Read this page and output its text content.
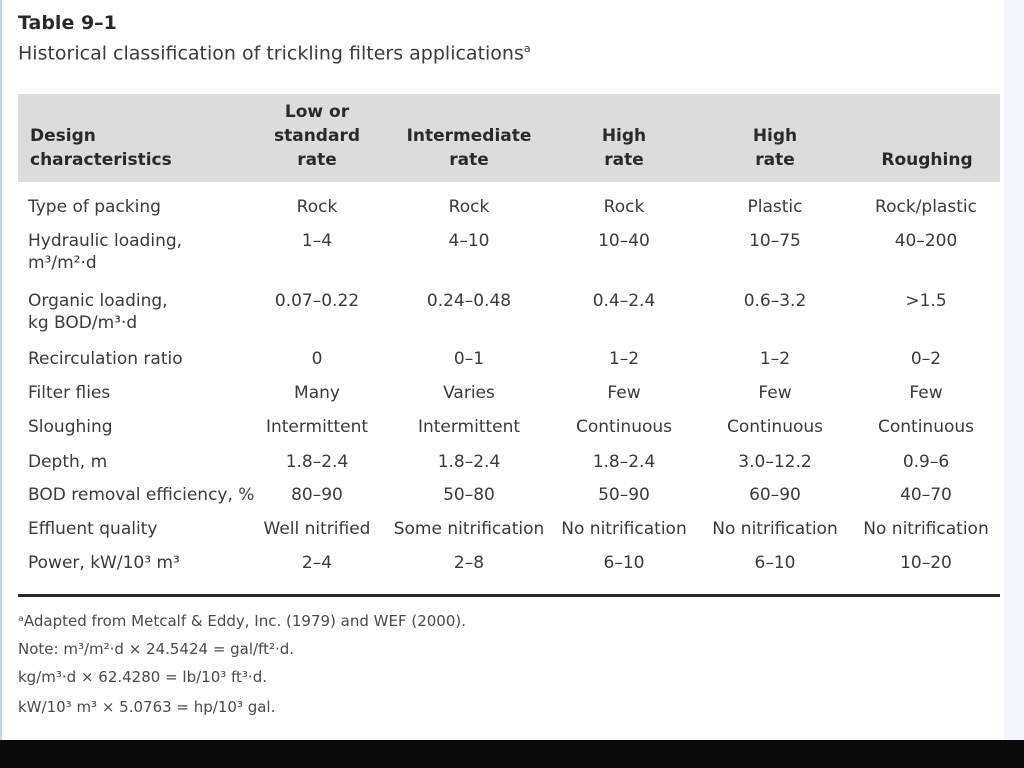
Table 9–1
Historical classification of trickling filters applications$^a$
Design
characteristics
Low or
standard
rate
Intermediate
rate
High
rate
High
rate	Roughing
Type of packing
Hydraulic loading,
m³/m²·d
Organic loading,
kg BOD/m³·d
Recirculation ratio
Filter flies
Sloughing
Depth, m
BOD removal efficiency, %
Effluent quality
Power, kW/10³ m³
Rock
1–4
0.07–0.22
0
Many
Intermittent
1.8–2.4
80–90
Well nitrified
2–4
Rock
4–10
0.24–0.48
0–1
Varies
Intermittent
1.8–2.4
50–80
Some nitrification
2–8
Rock
10–40
0.4–2.4
1–2
Few
Continuous
1.8–2.4
50–90
No nitrification
6–10
Plastic
10–75
0.6–3.2
1–2
Few
Continuous
3.0–12.2
60–90
No nitrification
6–10
Rock/plastic
40–200
>1.5
0–2
Few
Continuous
0.9–6
40–70
No nitrification
10–20
ᵃAdapted from Metcalf & Eddy, Inc. (1979) and WEF (2000).
Note: m³/m²·d × 24.5424 = gal/ft²·d.
kg/m³·d × 62.4280 = lb/10³ ft³·d.
kW/10³ m³ × 5.0763 = hp/10³ gal.
